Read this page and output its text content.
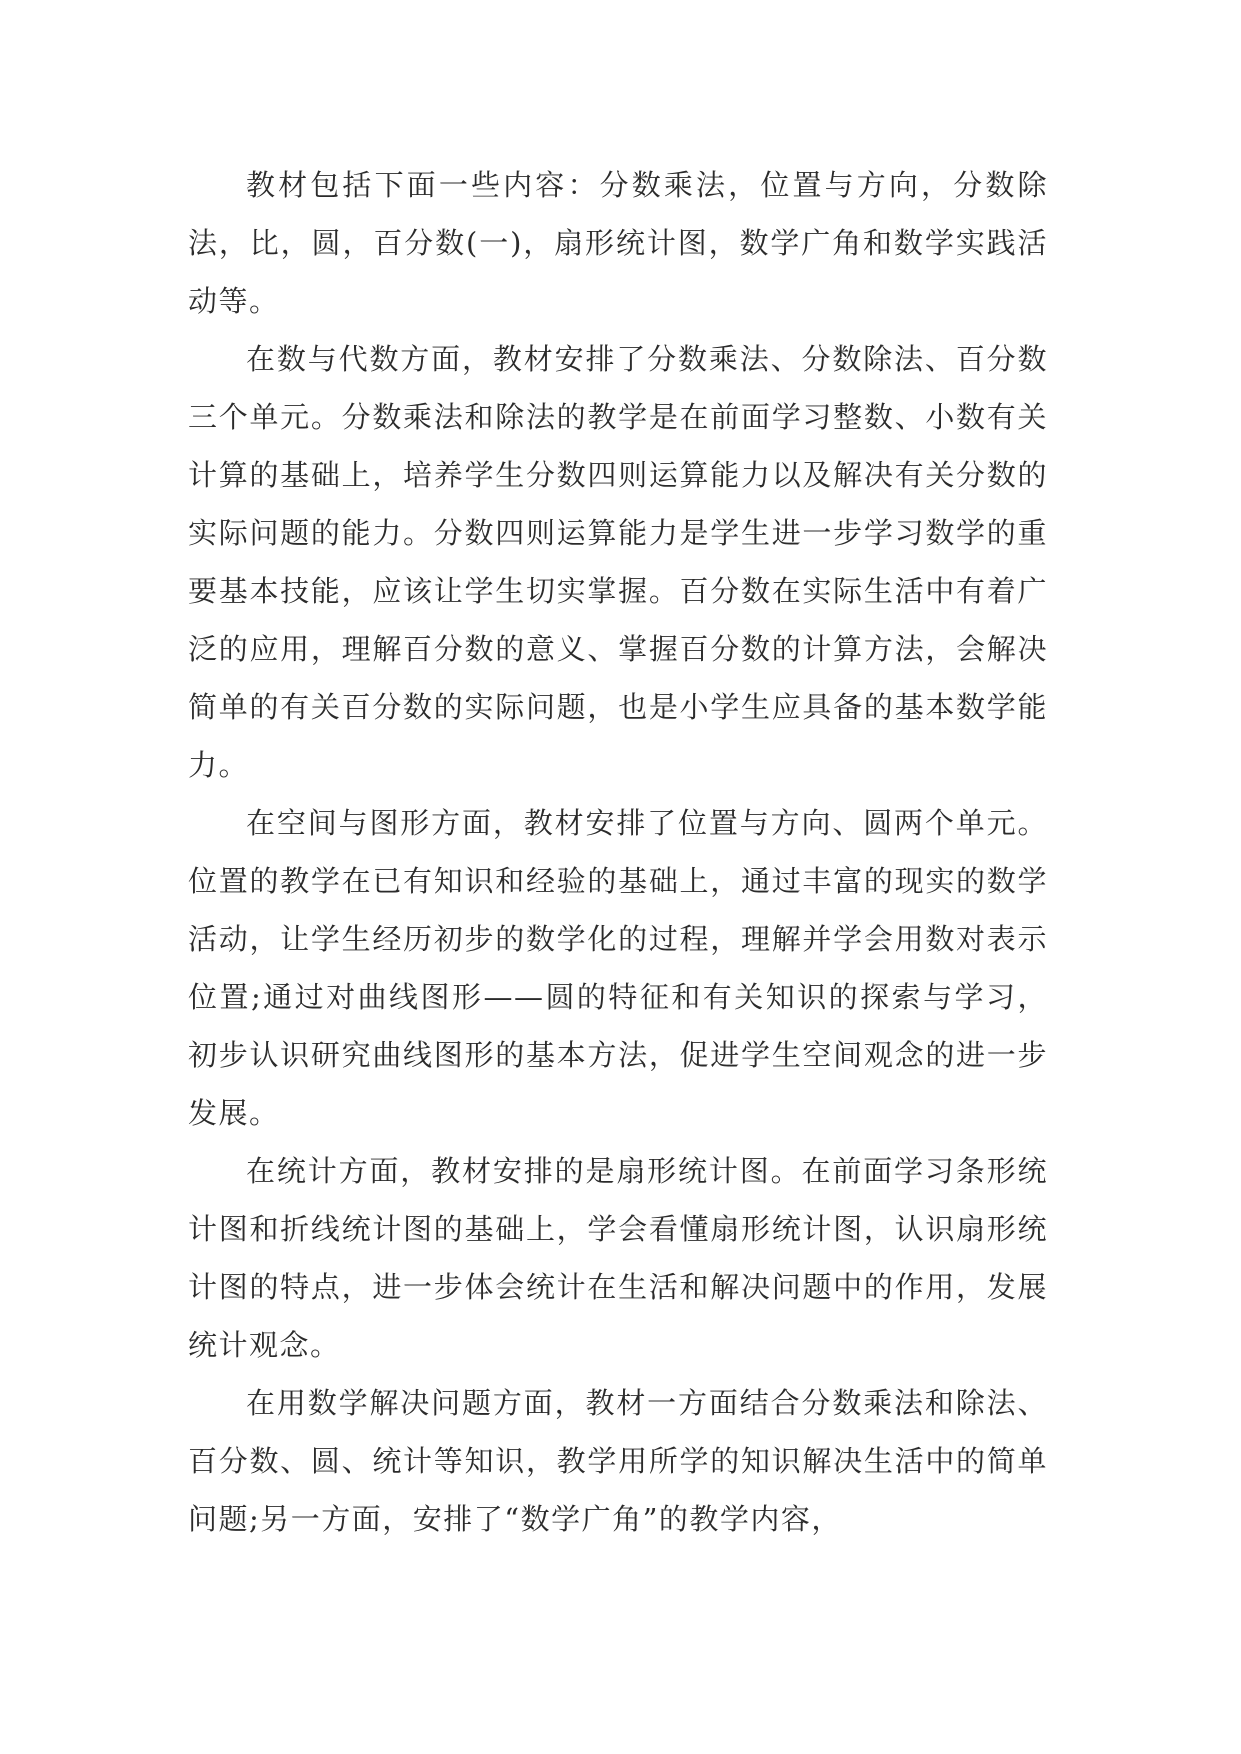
教材包括下面一些内容：分数乘法，位置与方向，分数除法，比，圆，百分数(一)，扇形统计图，数学广角和数学实践活动等。

在数与代数方面，教材安排了分数乘法、分数除法、百分数三个单元。分数乘法和除法的教学是在前面学习整数、小数有关计算的基础上，培养学生分数四则运算能力以及解决有关分数的实际问题的能力。分数四则运算能力是学生进一步学习数学的重要基本技能，应该让学生切实掌握。百分数在实际生活中有着广泛的应用，理解百分数的意义、掌握百分数的计算方法，会解决简单的有关百分数的实际问题，也是小学生应具备的基本数学能力。

在空间与图形方面，教材安排了位置与方向、圆两个单元。位置的教学在已有知识和经验的基础上，通过丰富的现实的数学活动，让学生经历初步的数学化的过程，理解并学会用数对表示位置;通过对曲线图形——圆的特征和有关知识的探索与学习，初步认识研究曲线图形的基本方法，促进学生空间观念的进一步发展。

在统计方面，教材安排的是扇形统计图。在前面学习条形统计图和折线统计图的基础上，学会看懂扇形统计图，认识扇形统计图的特点，进一步体会统计在生活和解决问题中的作用，发展统计观念。

在用数学解决问题方面，教材一方面结合分数乘法和除法、百分数、圆、统计等知识，教学用所学的知识解决生活中的简单问题;另一方面，安排了“数学广角”的教学内容，
